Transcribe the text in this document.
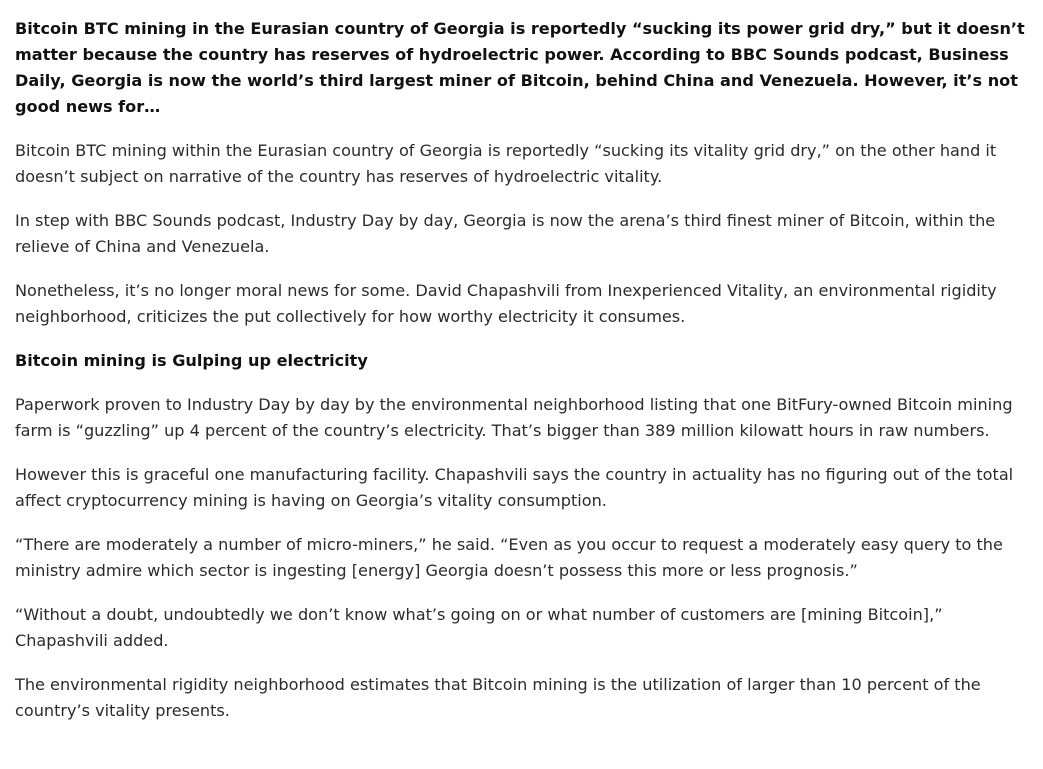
Bitcoin BTC mining in the Eurasian country of Georgia is reportedly “sucking its power grid dry,” but it doesn’t matter because the country has reserves of hydroelectric power. According to BBC Sounds podcast, Business Daily, Georgia is now the world’s third largest miner of Bitcoin, behind China and Venezuela. However, it’s not good news for…

Bitcoin BTC mining within the Eurasian country of Georgia is reportedly “sucking its vitality grid dry,” on the other hand it doesn’t subject on narrative of the country has reserves of hydroelectric vitality.

In step with BBC Sounds podcast, Industry Day by day, Georgia is now the arena’s third finest miner of Bitcoin, within the relieve of China and Venezuela.

Nonetheless, it’s no longer moral news for some. David Chapashvili from Inexperienced Vitality, an environmental rigidity neighborhood, criticizes the put collectively for how worthy electricity it consumes.

Bitcoin mining is Gulping up electricity

Paperwork proven to Industry Day by day by the environmental neighborhood listing that one BitFury-owned Bitcoin mining farm is “guzzling” up 4 percent of the country’s electricity. That’s bigger than 389 million kilowatt hours in raw numbers.

However this is graceful one manufacturing facility. Chapashvili says the country in actuality has no figuring out of the total affect cryptocurrency mining is having on Georgia’s vitality consumption.

“There are moderately a number of micro-miners,” he said. “Even as you occur to request a moderately easy query to the ministry admire which sector is ingesting [energy] Georgia doesn’t possess this more or less prognosis.”

“Without a doubt, undoubtedly we don’t know what’s going on or what number of customers are [mining Bitcoin],” Chapashvili added.

The environmental rigidity neighborhood estimates that Bitcoin mining is the utilization of larger than 10 percent of the country’s vitality presents.
